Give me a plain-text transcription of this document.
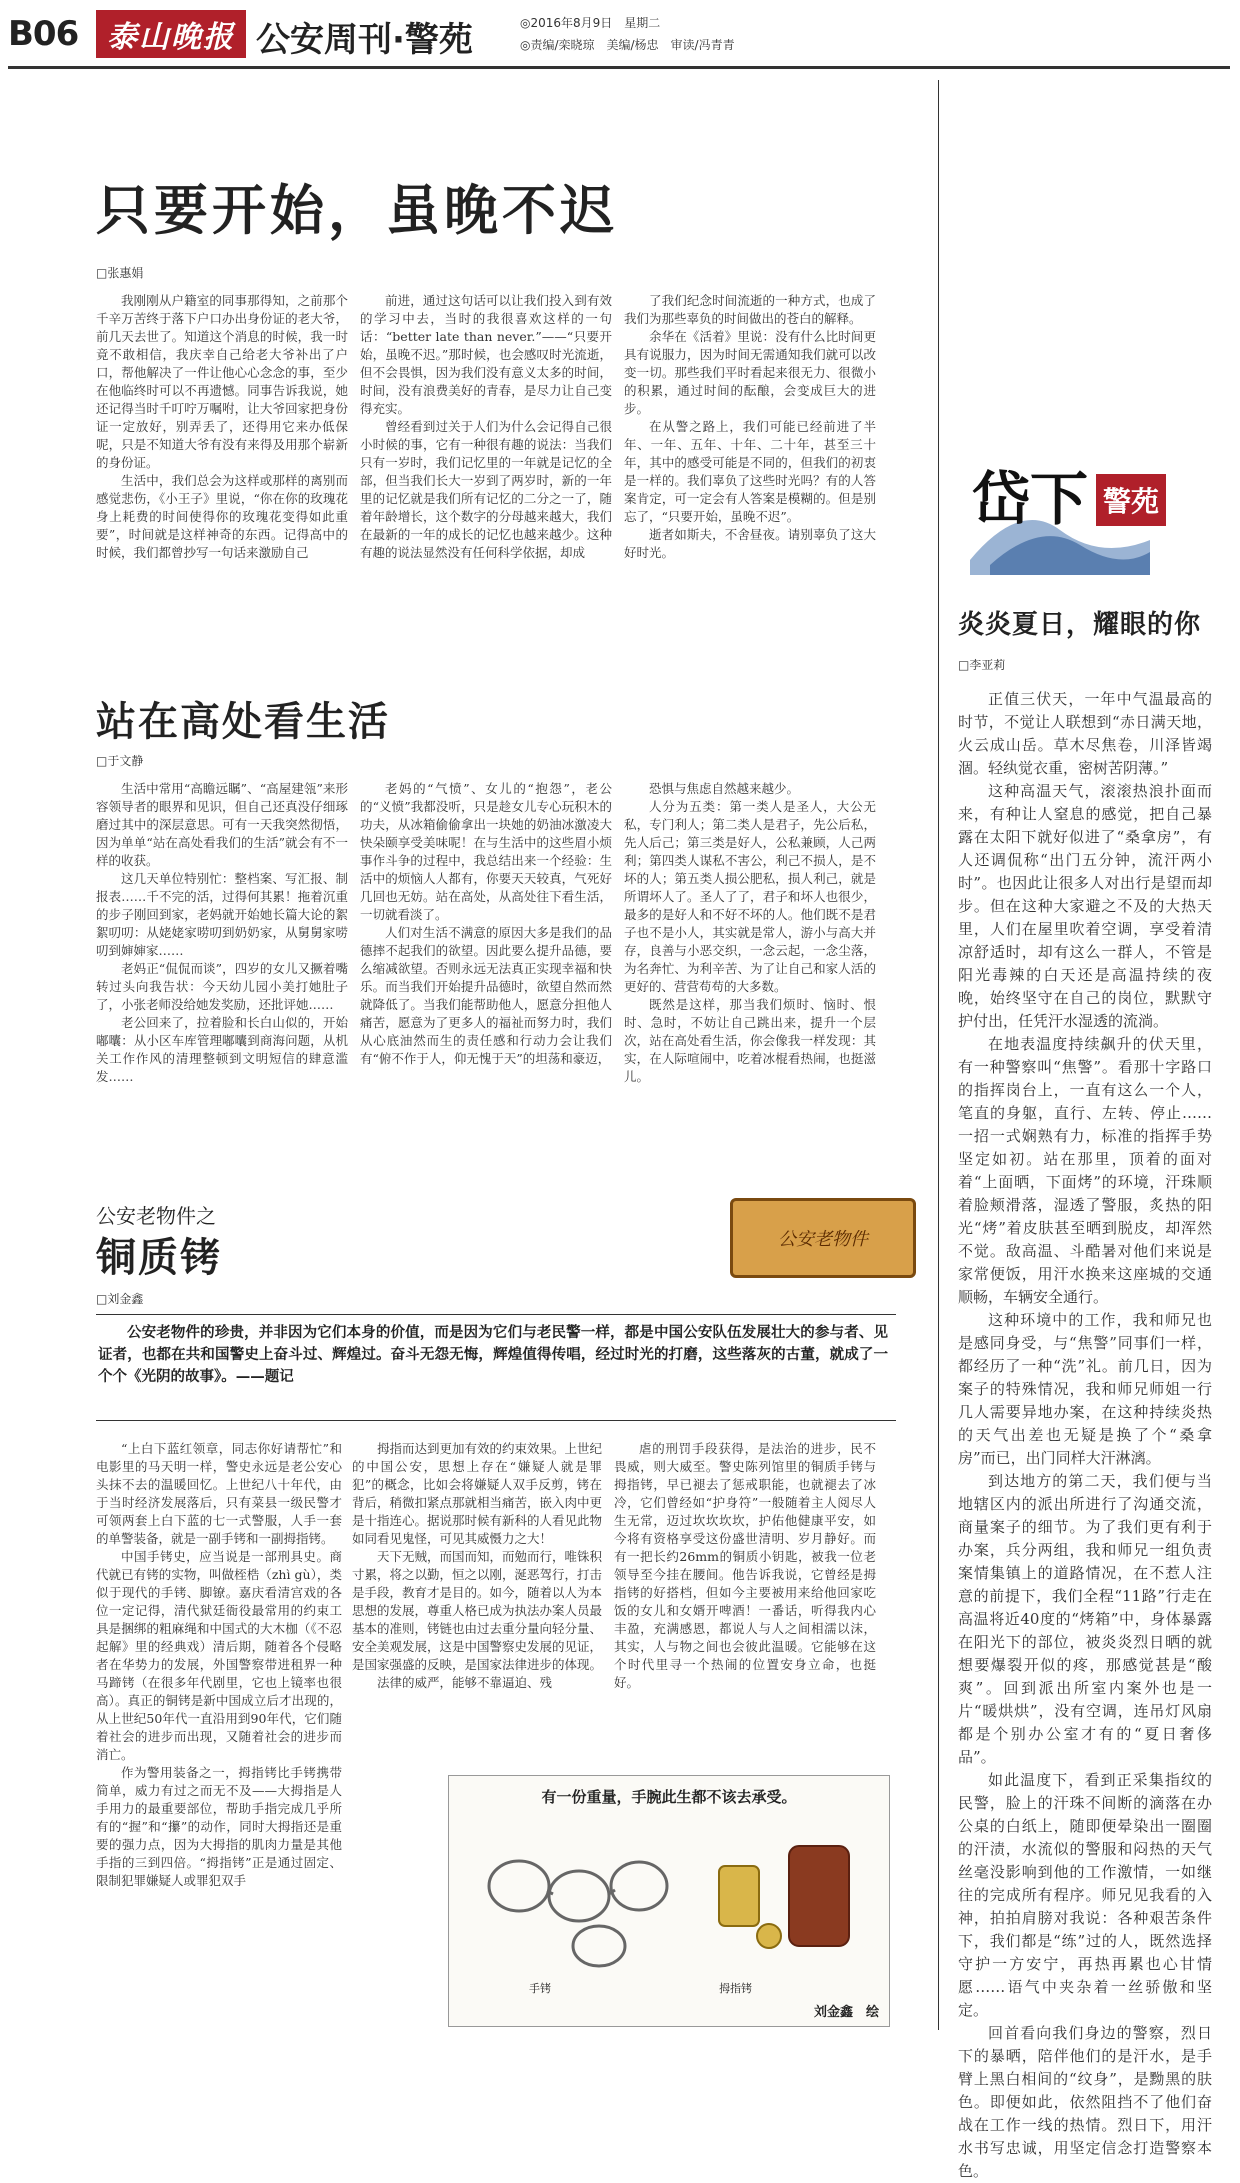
B06 泰山晚报 公安周刊·警苑	◎2016年8月9日　星期二
◎责编/栾晓琼　美编/杨忠　审读/冯青青
只要开始，虽晚不迟
□张惠娟

我刚刚从户籍室的同事那得知，之前那个千辛万苦终于落下户口办出身份证的老大爷，前几天去世了。知道这个消息的时候，我一时竟不敢相信，我庆幸自己给老大爷补出了户口，帮他解决了一件让他心心念念的事，至少在他临终时可以不再遗憾。同事告诉我说，她还记得当时千叮咛万嘱咐，让大爷回家把身份证一定放好，别弄丢了，还得用它来办低保呢，只是不知道大爷有没有来得及用那个崭新的身份证。

生活中，我们总会为这样或那样的离别而感觉悲伤，《小王子》里说，“你在你的玫瑰花身上耗费的时间使得你的玫瑰花变得如此重要”，时间就是这样神奇的东西。记得高中的时候，我们都曾抄写一句话来激励自己

前进，通过这句话可以让我们投入到有效的学习中去，当时的我很喜欢这样的一句话：“better late than never.”——“只要开始，虽晚不迟。”那时候，也会感叹时光流逝，但不会畏惧，因为我们没有意义太多的时间，时间，没有浪费美好的青春，是尽力让自己变得充实。

曾经看到过关于人们为什么会记得自己很小时候的事，它有一种很有趣的说法：当我们只有一岁时，我们记忆里的一年就是记忆的全部，但当我们长大一岁到了两岁时，新的一年里的记忆就是我们所有记忆的二分之一了，随着年龄增长，这个数字的分母越来越大，我们在最新的一年的成长的记忆也越来越少。这种有趣的说法显然没有任何科学依据，却成

了我们纪念时间流逝的一种方式，也成了我们为那些辜负的时间做出的苍白的解释。

余华在《活着》里说：没有什么比时间更具有说服力，因为时间无需通知我们就可以改变一切。那些我们平时看起来很无力、很微小的积累，通过时间的酝酿，会变成巨大的进步。

在从警之路上，我们可能已经前进了半年、一年、五年、十年、二十年，甚至三十年，其中的感受可能是不同的，但我们的初衷是一样的。我们辜负了这些时光吗？有的人答案肯定，可一定会有人答案是模糊的。但是别忘了，“只要开始，虽晚不迟”。

逝者如斯夫，不舍昼夜。请别辜负了这大好时光。

站在高处看生活
□于文静

生活中常用“高瞻远瞩”、“高屋建瓴”来形容领导者的眼界和见识，但自己还真没仔细琢磨过其中的深层意思。可有一天我突然彻悟，因为单单“站在高处看我们的生活”就会有不一样的收获。

这几天单位特别忙：整档案、写汇报、制报表……千不完的活，过得何其累！拖着沉重的步子刚回到家，老妈就开始她长篇大论的絮絮叨叨：从姥姥家唠叨到奶奶家，从舅舅家唠叨到婶婶家……

老妈正“侃侃而谈”，四岁的女儿又撅着嘴转过头向我告状：今天幼儿园小美打她肚子了，小张老师没给她发奖励，还批评她……

老公回来了，拉着脸和长白山似的，开始嘟囔：从小区车库管理嘟囔到商海问题，从机关工作作风的清理整顿到文明短信的肆意滥发……

老妈的“气愤”、女儿的“抱怨”，老公的“义愤”我都没听，只是趁女儿专心玩积木的功夫，从冰箱偷偷拿出一块她的奶油冰激凌大快朵颐享受美味呢！在与生活中的这些眉小烦事作斗争的过程中，我总结出来一个经验：生活中的烦恼人人都有，你要天天较真，气死好几回也无妨。站在高处，从高处往下看生活，一切就看淡了。

人们对生活不满意的原因大多是我们的品德摔不起我们的欲望。因此要么提升品德，要么缩减欲望。否则永远无法真正实现幸福和快乐。而当我们开始提升品德时，欲望自然而然就降低了。当我们能帮助他人，愿意分担他人痛苦，愿意为了更多人的福祉而努力时，我们从心底油然而生的责任感和行动力会让我们有“俯不作于人，仰无愧于天”的坦荡和豪迈，

恐惧与焦虑自然越来越少。

人分为五类：第一类人是圣人，大公无私，专门利人；第二类人是君子，先公后私，先人后己；第三类是好人，公私兼顾，人己两利；第四类人谋私不害公，利己不损人，是不坏的人；第五类人损公肥私，损人利己，就是所谓坏人了。圣人了了，君子和坏人也很少，最多的是好人和不好不坏的人。他们既不是君子也不是小人，其实就是常人，游小与高大并存，良善与小恶交织，一念云起，一念尘落，为名奔忙、为利辛苦、为了让自己和家人活的更好的、营营苟苟的大多数。

既然是这样，那当我们烦时、恼时、恨时、急时，不妨让自己跳出来，提升一个层次，站在高处看生活，你会像我一样发现：其实，在人际喧闹中，吃着冰棍看热闹，也挺滋儿。

公安老物件之
铜质铐
□刘金鑫
公安老物件
公安老物件的珍贵，并非因为它们本身的价值，而是因为它们与老民警一样，都是中国公安队伍发展壮大的参与者、见证者，也都在共和国警史上奋斗过、辉煌过。奋斗无怨无悔，辉煌值得传唱，经过时光的打磨，这些落灰的古董，就成了一个个《光阴的故事》。——题记

“上白下蓝红领章，同志你好请帮忙”和电影里的马天明一样，警史永远是老公安心头抹不去的温暖回忆。上世纪八十年代，由于当时经济发展落后，只有菜县一级民警才可领两套上白下蓝的七一式警服，人手一套的单警装备，就是一副手铐和一副拇指铐。

中国手铐史，应当说是一部刑具史。商代就已有铐的实物，叫做桎梏（zhì gù），类似于现代的手铐、脚镣。嘉庆看清宫戏的各位一定记得，清代狱廷衙役最常用的约束工具是捆绑的粗麻绳和中国式的大木枷（《不忍起解》里的经典戏）清后期，随着各个侵略者在华势力的发展，外国警察带进租界一种马蹄铐（在很多年代剧里，它也上镜率也很高）。真正的铜铐是新中国成立后才出现的，从上世纪50年代一直沿用到90年代，它们随着社会的进步而出现，又随着社会的进步而消亡。

作为警用装备之一，拇指铐比手铐携带简单，威力有过之而无不及——大拇指是人手用力的最重要部位，帮助手指完成几乎所有的“握”和“攥”的动作，同时大拇指还是重要的强力点，因为大拇指的肌肉力量是其他手指的三到四倍。“拇指铐”正是通过固定、限制犯罪嫌疑人或罪犯双手

拇指而达到更加有效的约束效果。上世纪的中国公安，思想上存在“嫌疑人就是罪犯”的概念，比如会将嫌疑人双手反剪，铐在背后，稍微扣紧点那就相当痛苦，嵌入肉中更是十指连心。据说那时候有新科的人看见此物如同看见鬼怪，可见其威慑力之大！

天下无贼，而国而知，而勉而行，唯铢积寸累，将之以勤，恒之以刚，涎恶驾行，打击是手段，教育才是目的。如今，随着以人为本思想的发展，尊重人格已成为执法办案人员最基本的准则，铐链也由过去重分量向轻分量、安全美观发展，这是中国警察史发展的见证，是国家强盛的反映，是国家法律进步的体现。

法律的威严，能够不靠逼迫、残

虐的刑罚手段获得，是法治的进步，民不畏威，则大威至。警史陈列馆里的铜质手铐与拇指铐，早已褪去了惩戒职能，也就褪去了冰冷，它们曾经如“护身符”一般随着主人阅尽人生无常，迈过坎坎坎坎，护佑他健康平安，如今将有资格享受这份盛世清明、岁月静好。而有一把长约26mm的铜质小钥匙，被我一位老领导至今挂在腰间。他告诉我说，它曾经是拇指铐的好搭档，但如今主要被用来给他回家吃饭的女儿和女婿开啤酒！一番话，听得我内心丰盈，充满感恩，都说人与人之间相濡以沫，其实，人与物之间也会彼此温暖。它能够在这个时代里寻一个热闹的位置安身立命，也挺好。

有一份重量，手腕此生都不该去承受。
手铐	拇指铐
刘金鑫　绘
岱下 警苑
炎炎夏日，耀眼的你
□李亚莉

正值三伏天，一年中气温最高的时节，不觉让人联想到“赤日满天地，火云成山岳。草木尽焦卷，川泽皆竭涸。轻纨觉衣重，密树苦阴薄。”

这种高温天气，滚滚热浪扑面而来，有种让人窒息的感觉，把自己暴露在太阳下就好似进了“桑拿房”，有人还调侃称“出门五分钟，流汗两小时”。也因此让很多人对出行是望而却步。但在这种大家避之不及的大热天里，人们在屋里吹着空调，享受着清凉舒适时，却有这么一群人，不管是阳光毒辣的白天还是高温持续的夜晚，始终坚守在自己的岗位，默默守护付出，任凭汗水湿透的流淌。

在地表温度持续飙升的伏天里，有一种警察叫“焦警”。看那十字路口的指挥岗台上，一直有这么一个人，笔直的身躯，直行、左转、停止……一招一式娴熟有力，标准的指挥手势坚定如初。站在那里，顶着的面对着“上面晒，下面烤”的环境，汗珠顺着脸颊滑落，湿透了警服，炙热的阳光“烤”着皮肤甚至晒到脱皮，却浑然不觉。敌高温、斗酷暑对他们来说是家常便饭，用汗水换来这座城的交通顺畅，车辆安全通行。

这种环境中的工作，我和师兄也是感同身受，与“焦警”同事们一样，都经历了一种“洗”礼。前几日，因为案子的特殊情况，我和师兄师姐一行几人需要异地办案，在这种持续炎热的天气出差也无疑是换了个“桑拿房”而已，出门同样大汗淋漓。

到达地方的第二天，我们便与当地辖区内的派出所进行了沟通交流，商量案子的细节。为了我们更有利于办案，兵分两组，我和师兄一组负责案情集镇上的道路情况，在不惹人注意的前提下，我们全程“11路”行走在高温将近40度的“烤箱”中，身体暴露在阳光下的部位，被炎炎烈日晒的就想要爆裂开似的疼，那感觉甚是“酸爽”。回到派出所室内案外也是一片“暖烘烘”，没有空调，连吊灯风扇都是个别办公室才有的“夏日奢侈品”。

如此温度下，看到正采集指纹的民警，脸上的汗珠不间断的滴落在办公桌的白纸上，随即便晕染出一圈圈的汗渍，水流似的警服和闷热的天气丝毫没影响到他的工作激情，一如继往的完成所有程序。师兄见我看的入神，拍拍肩膀对我说：各种艰苦条件下，我们都是“练”过的人，既然选择守护一方安宁，再热再累也心甘情愿……语气中夹杂着一丝骄傲和坚定。

回首看向我们身边的警察，烈日下的暴晒，陪伴他们的是汗水，是手臂上黑白相间的“纹身”，是黝黑的肤色。即便如此，依然阻挡不了他们奋战在工作一线的热情。烈日下，用汗水书写忠诚，用坚定信念打造警察本色。
